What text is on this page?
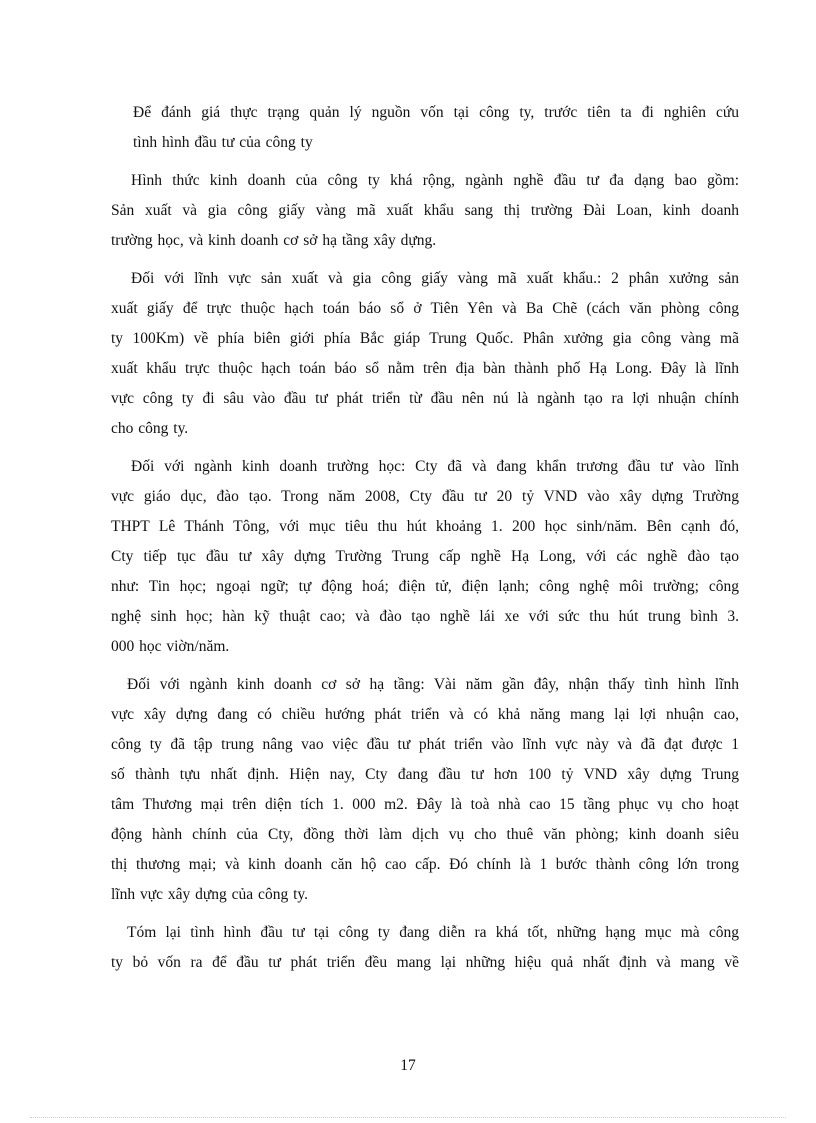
Để đánh giá thực trạng quản lý nguồn vốn tại công ty, trước tiên ta đi nghiên cứu
tình hình đầu tư của công ty

Hình thức kinh doanh của công ty khá rộng, ngành nghề đầu tư đa dạng bao gồm:
Sản xuất và gia công giấy vàng mã xuất khẩu sang thị trường Đài Loan, kinh doanh
trường học, và kinh doanh cơ sở hạ tầng xây dựng.

Đối với lĩnh vực sản xuất và gia công giấy vàng mã xuất khẩu.: 2 phân xưởng sản
xuất giấy để trực thuộc hạch toán báo sổ ở Tiên Yên và Ba Chẽ (cách văn phòng công
ty 100Km) về phía biên giới phía Bắc giáp Trung Quốc. Phân xưởng gia công vàng mã
xuất khẩu trực thuộc hạch toán báo sổ nằm trên địa bàn thành phố Hạ Long. Đây là lĩnh
vực công ty đi sâu vào đầu tư phát triển từ đầu nên nú là ngành tạo ra lợi nhuận chính
cho công ty.

Đối với ngành kinh doanh trường học: Cty đã và đang khẩn trương đầu tư vào lĩnh
vực giáo dục, đào tạo. Trong năm 2008, Cty đầu tư 20 tỷ VND vào xây dựng Trường
THPT Lê Thánh Tông, với mục tiêu thu hút khoảng 1. 200 học sinh/năm. Bên cạnh đó,
Cty tiếp tục đầu tư xây dựng Trường Trung cấp nghề Hạ Long, với các nghề đào tạo
như: Tin học; ngoại ngữ; tự động hoá; điện tử, điện lạnh; công nghệ môi trường; công
nghệ sinh học; hàn kỹ thuật cao; và đào tạo nghề lái xe với sức thu hút trung bình 3.
000 học viờn/năm.

Đối với ngành kinh doanh cơ sở hạ tầng: Vài năm gần đây, nhận thấy tình hình lĩnh
vực xây dựng đang có chiều hướng phát triển và có khả năng mang lại lợi nhuận cao,
công ty đã tập trung nâng vao việc đầu tư phát triển vào lĩnh vực này và đã đạt được 1
số thành tựu nhất định. Hiện nay, Cty đang đầu tư hơn 100 tỷ VND xây dựng Trung
tâm Thương mại trên diện tích 1. 000 m2. Đây là toà nhà cao 15 tầng phục vụ cho hoạt
động hành chính của Cty, đồng thời làm dịch vụ cho thuê văn phòng; kinh doanh siêu
thị thương mại; và kinh doanh căn hộ cao cấp. Đó chính là 1 bước thành công lớn trong
lĩnh vực xây dựng của công ty.

Tóm lại tình hình đầu tư tại công ty đang diễn ra khá tốt, những hạng mục mà công
ty bỏ vốn ra để đầu tư phát triển đều mang lại những hiệu quả nhất định và mang về

17
